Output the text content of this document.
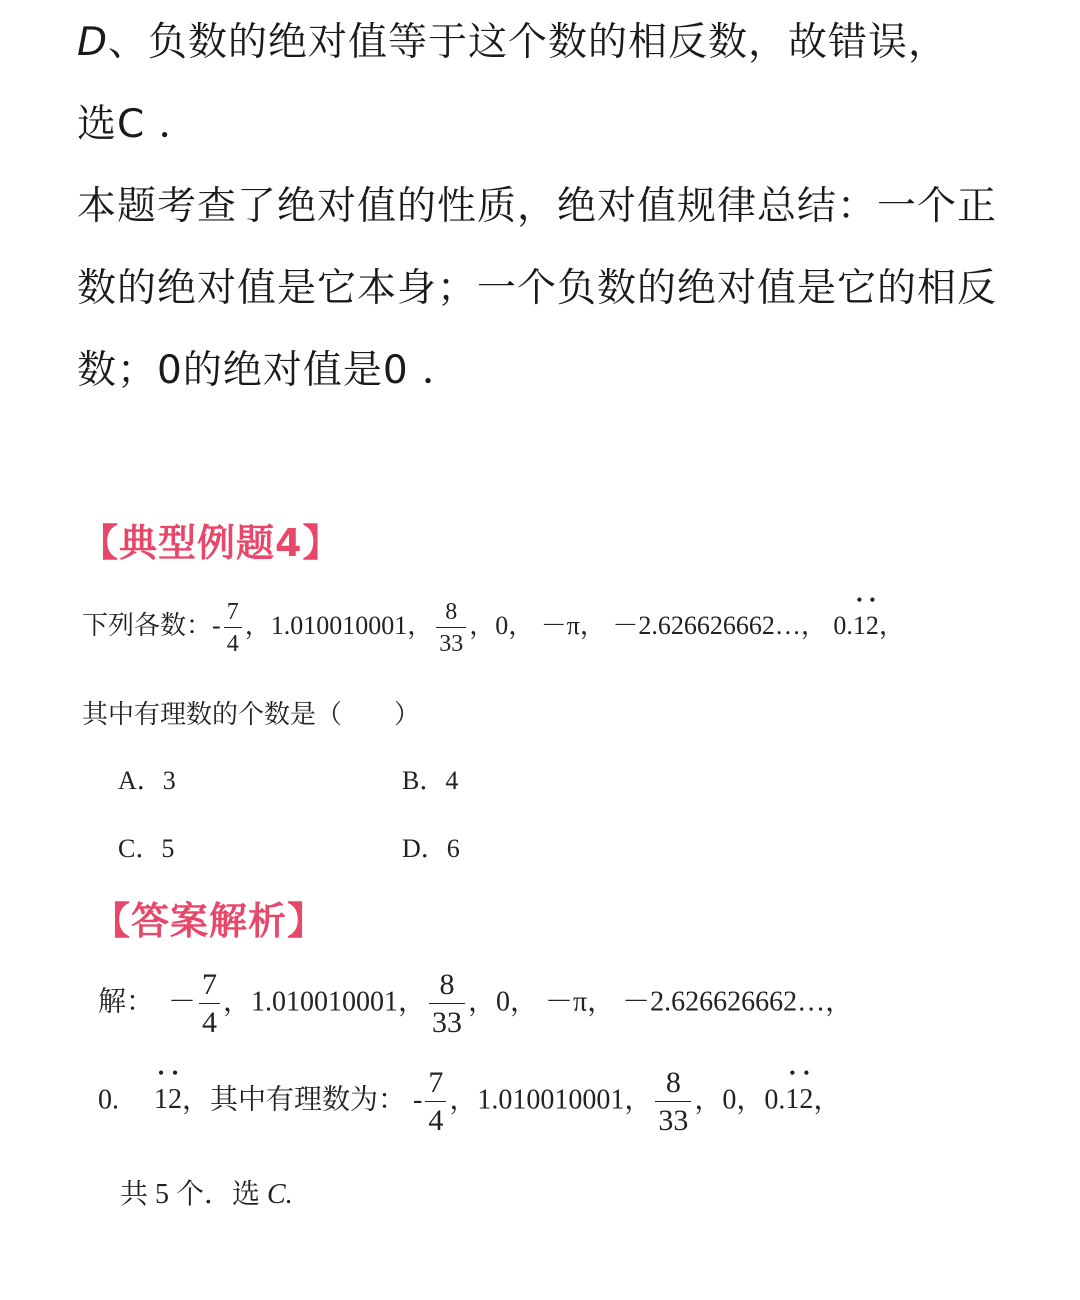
D、负数的绝对值等于这个数的相反数，故错误，
选C ．

本题考查了绝对值的性质，绝对值规律总结：一个正数的绝对值是它本身；一个负数的绝对值是它的相反数；0的绝对值是0 ．

【典型例题4】
下列各数：- $\frac{7}{4}$ ，1.010010001， $\frac{8}{33}$ ，0， －π， －2.626626662…， 0.• 1• 2，
其中有理数的个数是（　　）
A．3	B．4
C．5	D．6
【答案解析】
解： － $\frac{7}{4}$ ，1.010010001， $\frac{8}{33}$ ，0， －π， －2.626626662…，
0.     • 1• 2，其中有理数为： - $\frac{7}{4}$ ，1.010010001， $\frac{8}{33}$ ，0，0.• 1• 2，
共 5 个．选 C.
